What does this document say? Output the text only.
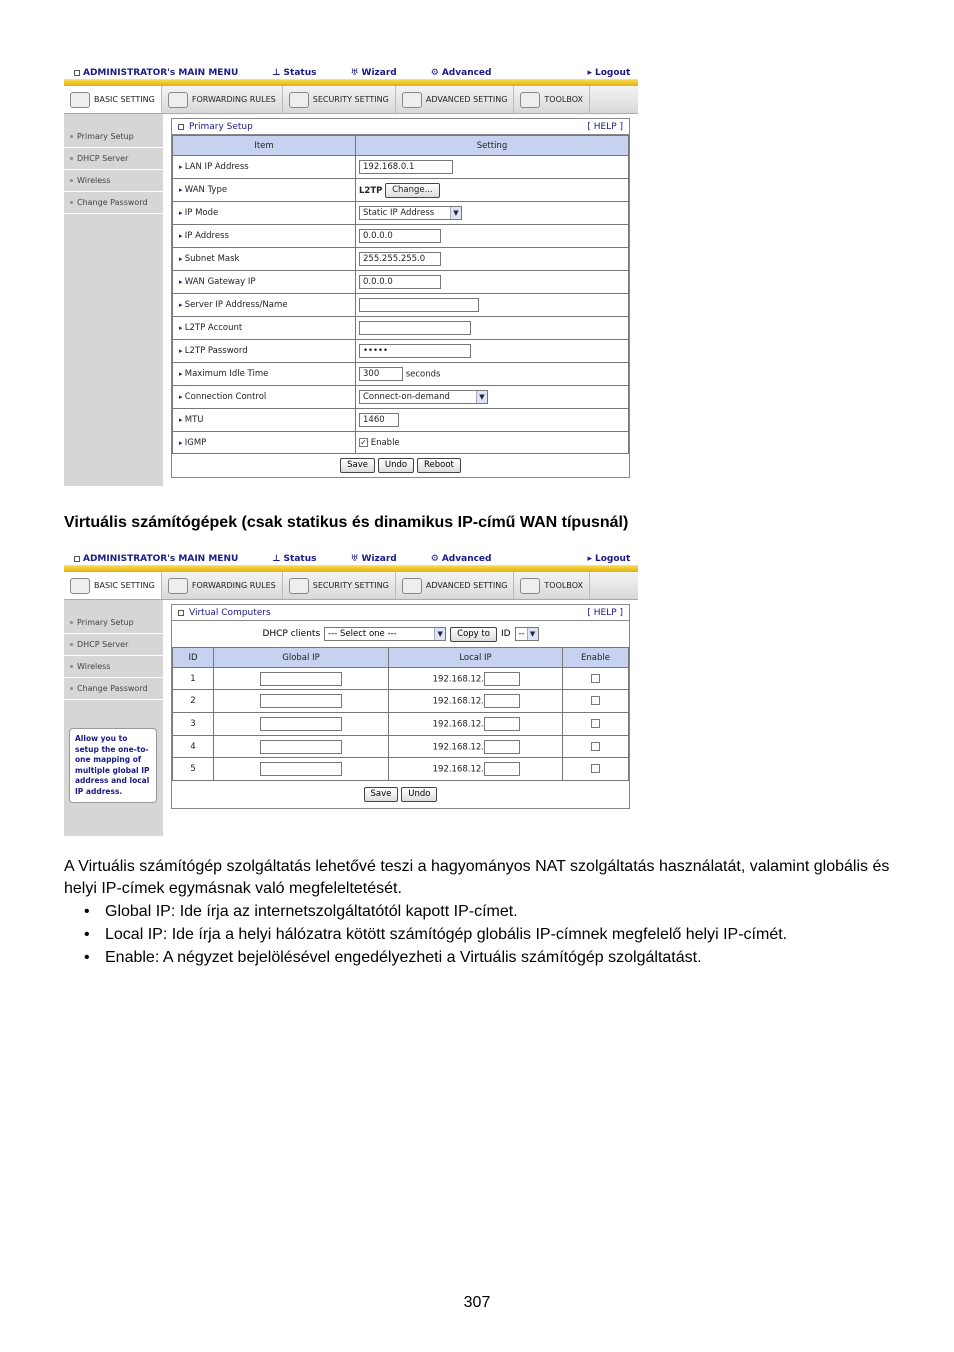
ADMINISTRATOR's MAIN MENU	⊥ Status	♅ Wizard	⚙ Advanced	▸ Logout
BASIC SETTING	FORWARDING RULES	SECURITY SETTING	ADVANCED SETTING	TOOLBOX
Primary Setup
DHCP Server
Wireless
Change Password
Primary Setup	[ HELP ]
Item	Setting
▸ LAN IP Address	192.168.0.1
▸ WAN Type	L2TP Change...
▸ IP Mode	Static IP Address ▼

▸ IP Address	0.0.0.0
▸ Subnet Mask	255.255.255.0
▸ WAN Gateway IP	0.0.0.0
▸ Server IP Address/Name	
▸ L2TP Account	
▸ L2TP Password	•••••
▸ Maximum Idle Time	300 seconds
▸ Connection Control	Connect-on-demand ▼

▸ MTU	1460
▸ IGMP	✓ Enable
Save Undo Reboot
Virtuális számítógépek (csak statikus és dinamikus IP-című WAN típusnál)
ADMINISTRATOR's MAIN MENU	⊥ Status	♅ Wizard	⚙ Advanced	▸ Logout
BASIC SETTING	FORWARDING RULES	SECURITY SETTING	ADVANCED SETTING	TOOLBOX
Primary Setup
DHCP Server
Wireless
Change Password
Allow you to setup the one-to-one mapping of multiple global IP address and local IP address.
Virtual Computers	[ HELP ]
DHCP clients --- Select one ---	▼	Copy to	ID -- ▼
ID	Global IP	Local IP	Enable
1		192.168.12.	
2		192.168.12.	
3		192.168.12.	
4		192.168.12.	
5		192.168.12.	
Save Undo
A Virtuális számítógép szolgáltatás lehetővé teszi a hagyományos NAT szolgáltatás használatát, valamint globális és helyi IP-címek egymásnak való megfeleltetését.
• Global IP: Ide írja az internetszolgáltatótól kapott IP-címet.
• Local IP: Ide írja a helyi hálózatra kötött számítógép globális IP-címnek megfelelő helyi IP-címét.
• Enable: A négyzet bejelölésével engedélyezheti a Virtuális számítógép szolgáltatást.
307
